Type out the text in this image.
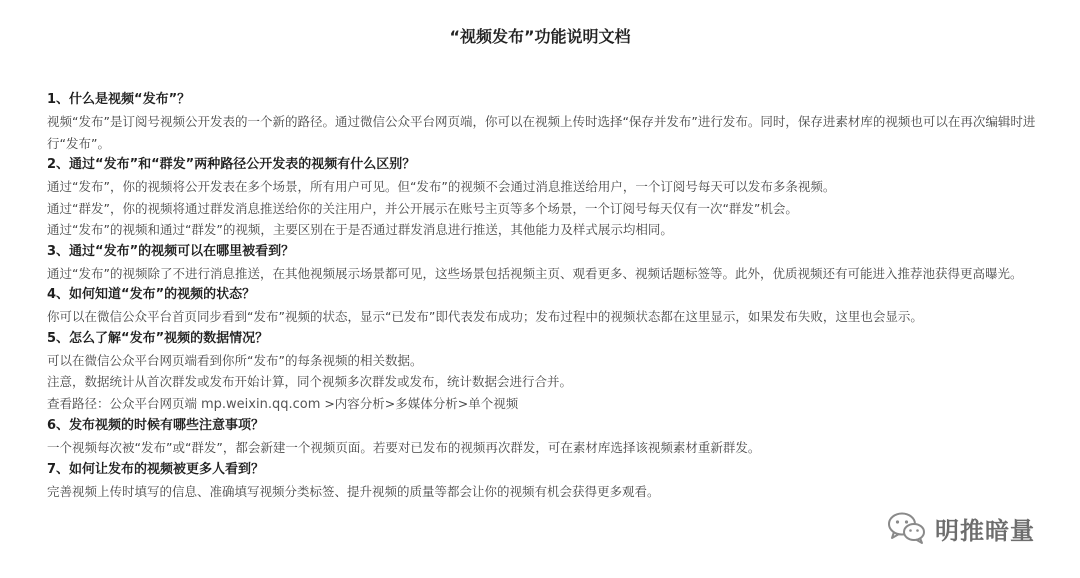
“视频发布”功能说明文档
1、什么是视频“发布”？

视频“发布”是订阅号视频公开发表的一个新的路径。通过微信公众平台网页端，你可以在视频上传时选择“保存并发布”进行发布。同时，保存进素材库的视频也可以在再次编辑时进行“发布”。

2、通过“发布”和“群发”两种路径公开发表的视频有什么区别？

通过“发布”，你的视频将公开发表在多个场景，所有用户可见。但“发布”的视频不会通过消息推送给用户，一个订阅号每天可以发布多条视频。

通过“群发”，你的视频将通过群发消息推送给你的关注用户，并公开展示在账号主页等多个场景，一个订阅号每天仅有一次“群发”机会。

通过“发布”的视频和通过“群发”的视频，主要区别在于是否通过群发消息进行推送，其他能力及样式展示均相同。

3、通过“发布”的视频可以在哪里被看到？

通过“发布”的视频除了不进行消息推送，在其他视频展示场景都可见，这些场景包括视频主页、观看更多、视频话题标签等。此外，优质视频还有可能进入推荐池获得更高曝光。

4、如何知道“发布”的视频的状态？

你可以在微信公众平台首页同步看到“发布”视频的状态，显示“已发布”即代表发布成功；发布过程中的视频状态都在这里显示，如果发布失败，这里也会显示。

5、怎么了解“发布”视频的数据情况？

可以在微信公众平台网页端看到你所“发布”的每条视频的相关数据。

注意，数据统计从首次群发或发布开始计算，同个视频多次群发或发布，统计数据会进行合并。

查看路径：公众平台网页端 mp.weixin.qq.com >内容分析>多媒体分析>单个视频

6、发布视频的时候有哪些注意事项？

一个视频每次被“发布”或“群发”，都会新建一个视频页面。若要对已发布的视频再次群发，可在素材库选择该视频素材重新群发。

7、如何让发布的视频被更多人看到？

完善视频上传时填写的信息、准确填写视频分类标签、提升视频的质量等都会让你的视频有机会获得更多观看。

明推暗量
